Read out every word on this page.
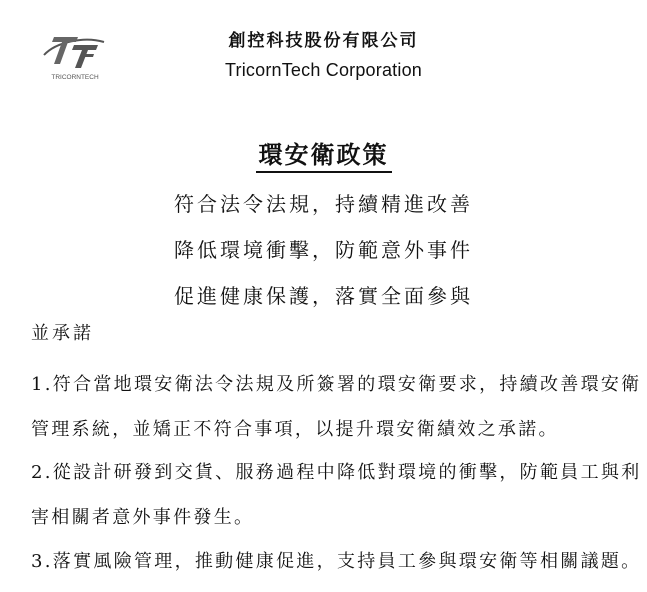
TRICORNTECH
創控科技股份有限公司
TricornTech Corporation
環安衛政策
符合法令法規，持續精進改善
降低環境衝擊，防範意外事件
促進健康保護，落實全面參與
並承諾
1.符合當地環安衛法令法規及所簽署的環安衛要求，持續改善環安衛
管理系統，並矯正不符合事項，以提升環安衛績效之承諾。
2.從設計研發到交貨、服務過程中降低對環境的衝擊，防範員工與利
害相關者意外事件發生。
3.落實風險管理，推動健康促進，支持員工參與環安衛等相關議題。
